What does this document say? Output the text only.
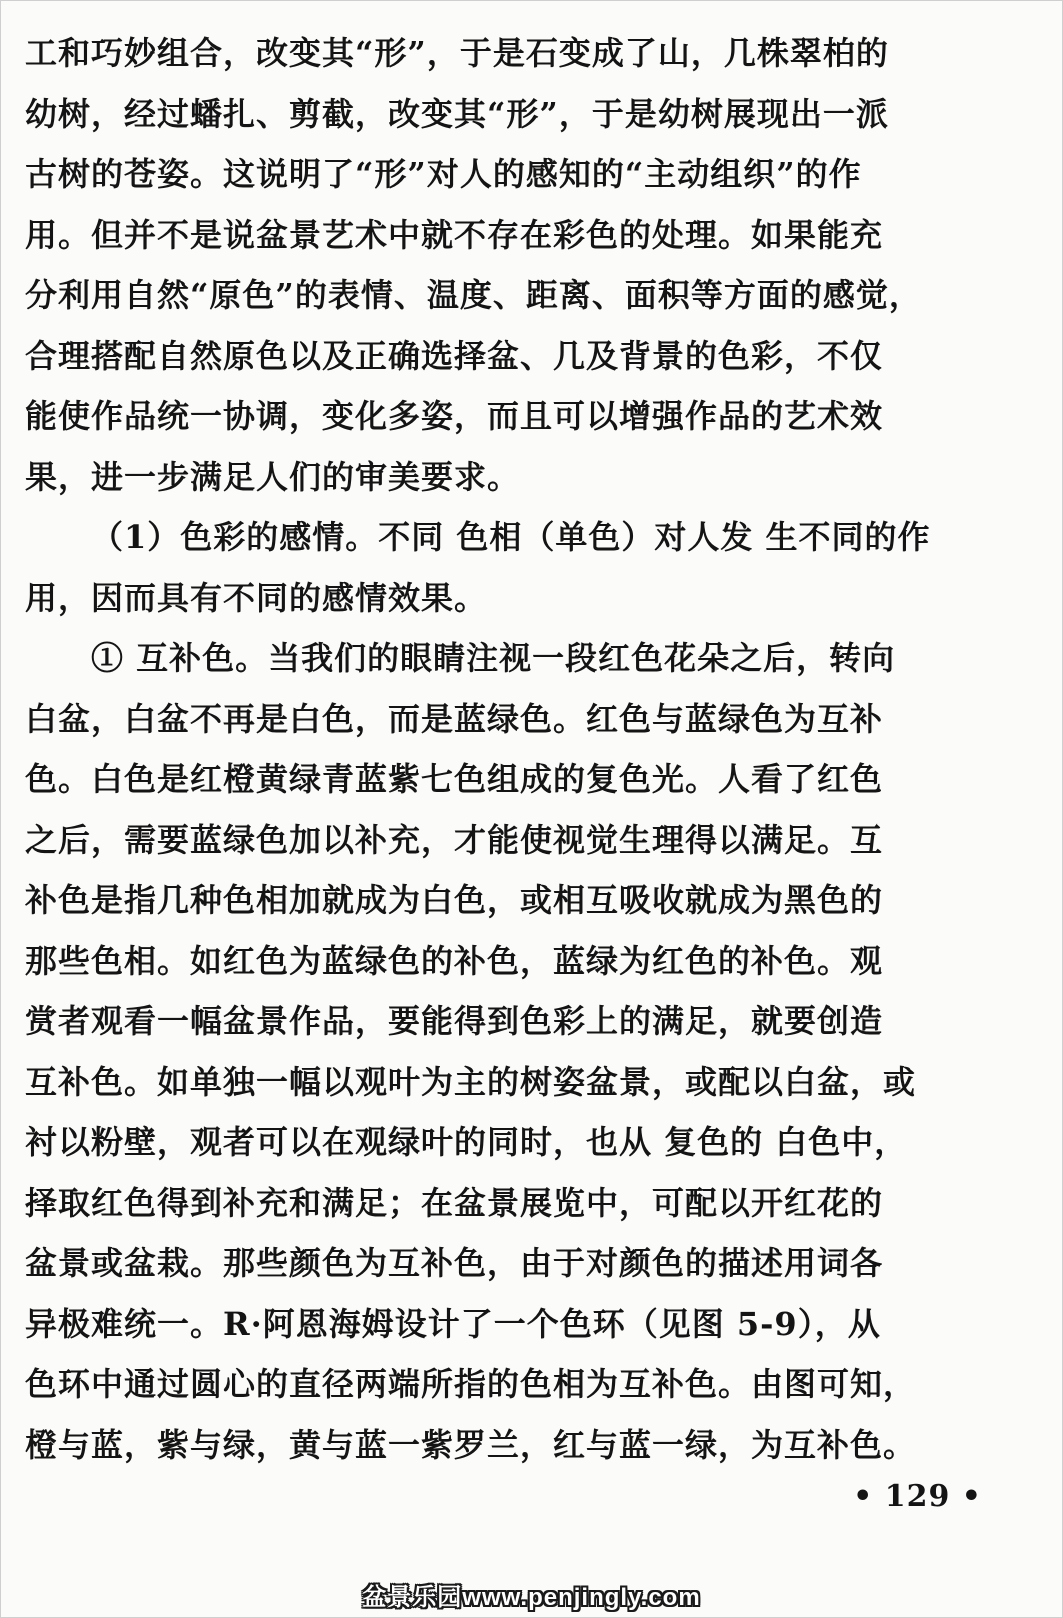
工和巧妙组合，改变其“形”，于是石变成了山，几株翠柏的
幼树，经过蟠扎、剪截，改变其“形”，于是幼树展现出一派
古树的苍姿。这说明了“形”对人的感知的“主动组织”的作
用。但并不是说盆景艺术中就不存在彩色的处理。如果能充
分利用自然“原色”的表情、温度、距离、面积等方面的感觉，
合理搭配自然原色以及正确选择盆、几及背景的色彩，不仅
能使作品统一协调，变化多姿，而且可以增强作品的艺术效
果，进一步满足人们的审美要求。
（1）色彩的感情。不同 色相（单色）对人发 生不同的作
用，因而具有不同的感情效果。
① 互补色。当我们的眼睛注视一段红色花朵之后，转向
白盆，白盆不再是白色，而是蓝绿色。红色与蓝绿色为互补
色。白色是红橙黄绿青蓝紫七色组成的复色光。人看了红色
之后，需要蓝绿色加以补充，才能使视觉生理得以满足。互
补色是指几种色相加就成为白色，或相互吸收就成为黑色的
那些色相。如红色为蓝绿色的补色，蓝绿为红色的补色。观
赏者观看一幅盆景作品，要能得到色彩上的满足，就要创造
互补色。如单独一幅以观叶为主的树姿盆景，或配以白盆，或
衬以粉壁，观者可以在观绿叶的同时，也从 复色的 白色中，
择取红色得到补充和满足；在盆景展览中，可配以开红花的
盆景或盆栽。那些颜色为互补色，由于对颜色的描述用词各
异极难统一。R·阿恩海姆设计了一个色环（见图 5-9），从
色环中通过圆心的直径两端所指的色相为互补色。由图可知，
橙与蓝，紫与绿，黄与蓝一紫罗兰，红与蓝一绿，为互补色。
• 129 •
盆景乐园www.penjingly.com
